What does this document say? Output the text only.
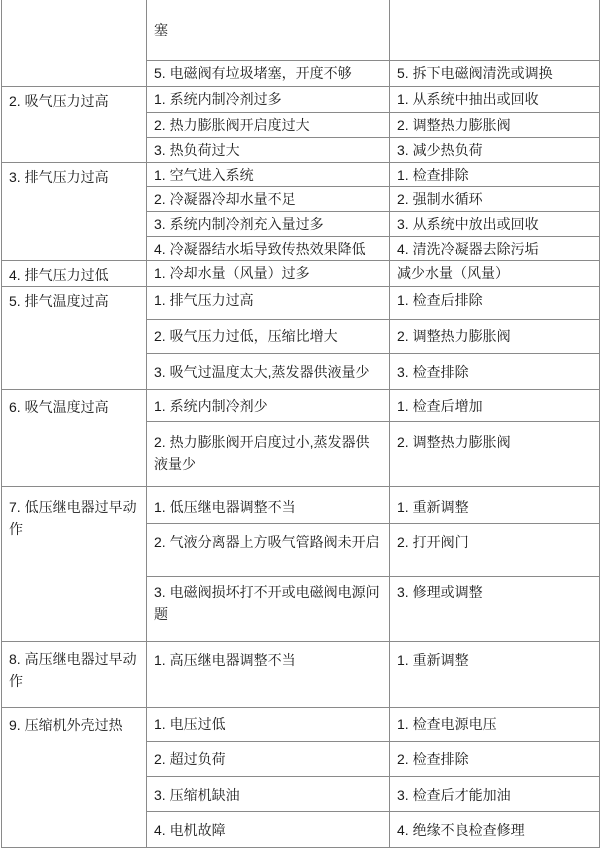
	塞	
	5. 电磁阀有垃圾堵塞，开度不够	5. 拆下电磁阀清洗或调换
2. 吸气压力过高	1. 系统内制冷剂过多	1. 从系统中抽出或回收
	2. 热力膨胀阀开启度过大	2. 调整热力膨胀阀
	3. 热负荷过大	3. 减少热负荷
3. 排气压力过高	1. 空气进入系统	1. 检查排除
	2. 冷凝器冷却水量不足	2. 强制水循环
	3. 系统内制冷剂充入量过多	3. 从系统中放出或回收
	4. 冷凝器结水垢导致传热效果降低	4. 清洗冷凝器去除污垢
4. 排气压力过低	1. 冷却水量（风量）过多	减少水量（风量）
5. 排气温度过高	1. 排气压力过高	1. 检查后排除
	2. 吸气压力过低，压缩比增大	2. 调整热力膨胀阀
	3. 吸气过温度太大,蒸发器供液量少	3. 检查排除
6. 吸气温度过高	1. 系统内制冷剂少	1. 检查后增加
	2. 热力膨胀阀开启度过小,蒸发器供液量少	2. 调整热力膨胀阀
7. 低压继电器过早动作	1. 低压继电器调整不当	1. 重新调整
	2. 气液分离器上方吸气管路阀未开启	2. 打开阀门
	3. 电磁阀损坏打不开或电磁阀电源问题	3. 修理或调整
8. 高压继电器过早动作	1. 高压继电器调整不当	1. 重新调整
9. 压缩机外壳过热	1. 电压过低	1. 检查电源电压
	2. 超过负荷	2. 检查排除
	3. 压缩机缺油	3. 检查后才能加油
	4. 电机故障	4. 绝缘不良检查修理
